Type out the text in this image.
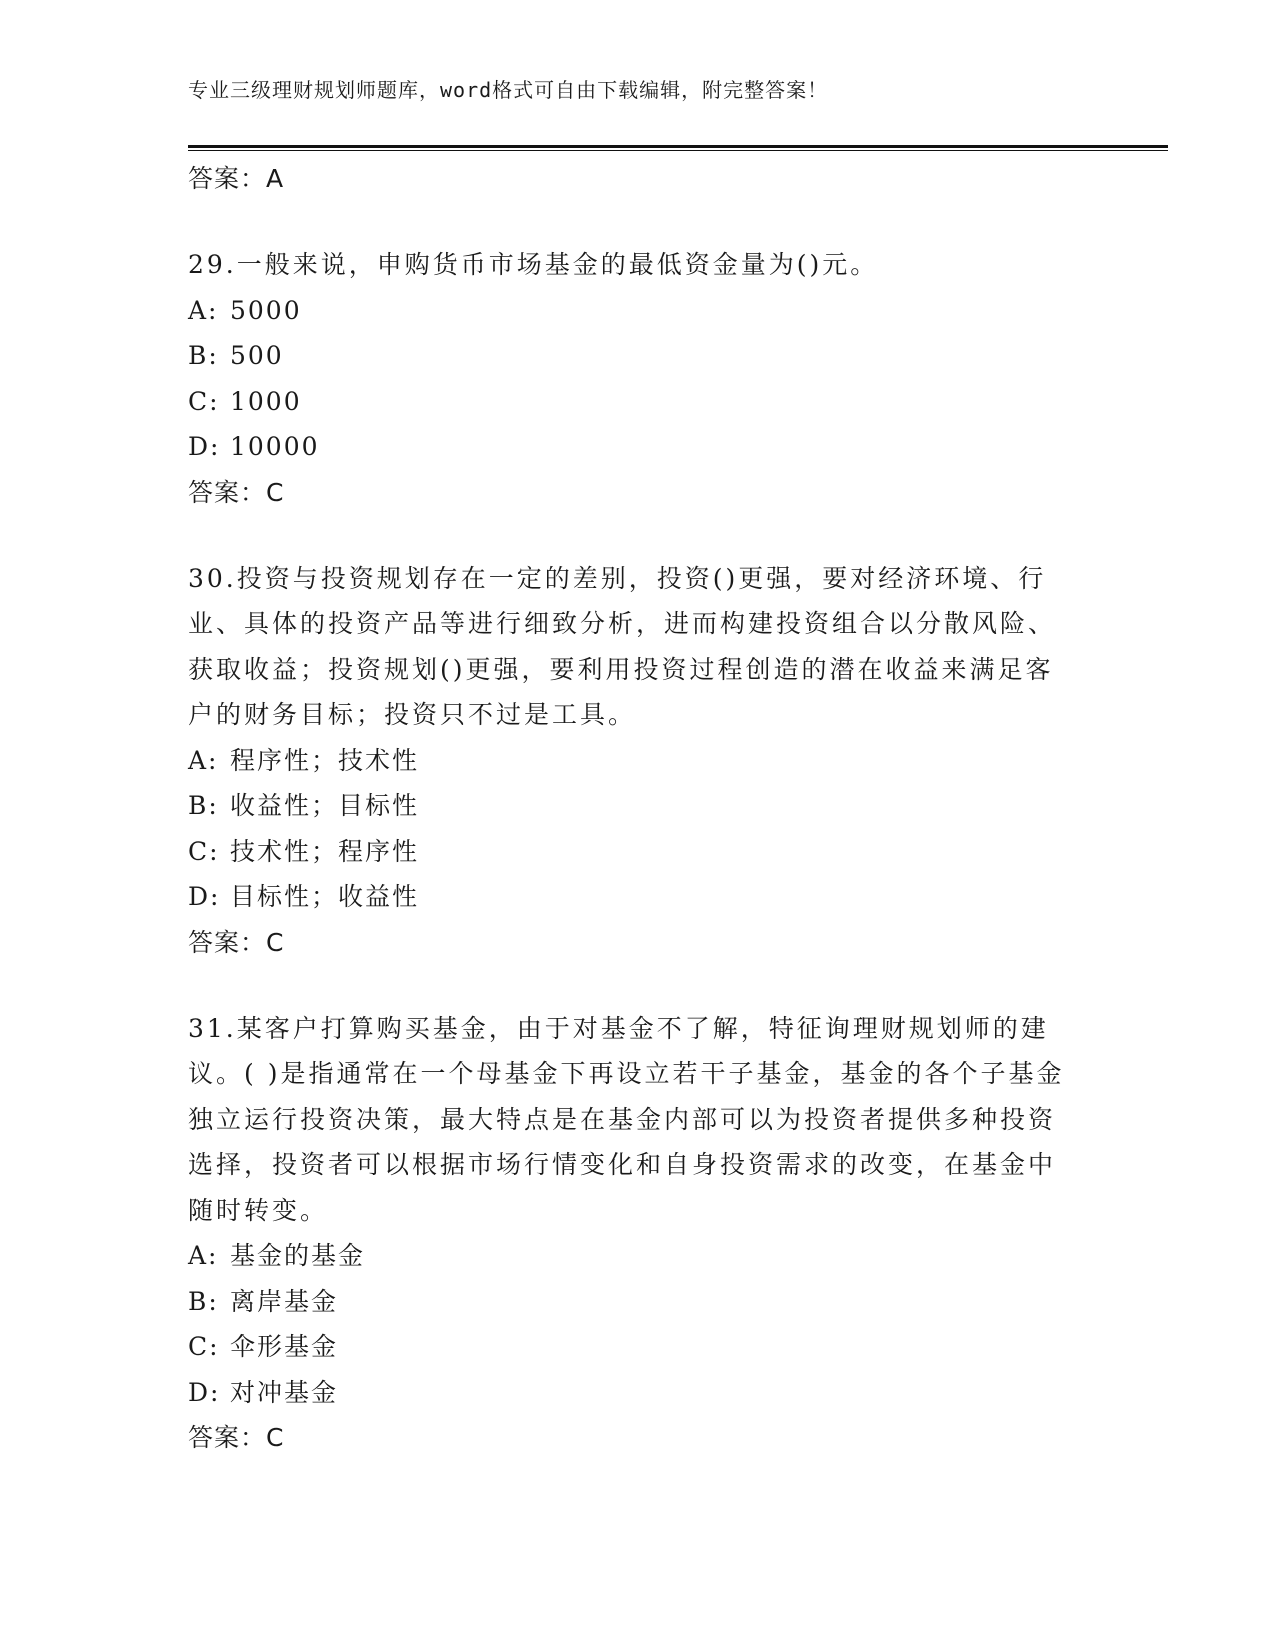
专业三级理财规划师题库，word格式可自由下载编辑，附完整答案！
答案：A

29.一般来说，申购货币市场基金的最低资金量为()元。

A: 5000
B: 500
C: 1000
D: 10000
答案：C

30.投资与投资规划存在一定的差别，投资()更强，要对经济环境、行业、具体的投资产品等进行细致分析，进而构建投资组合以分散风险、获取收益；投资规划()更强，要利用投资过程创造的潜在收益来满足客户的财务目标；投资只不过是工具。

A: 程序性；技术性
B: 收益性；目标性
C: 技术性；程序性
D: 目标性；收益性
答案：C

31.某客户打算购买基金，由于对基金不了解，特征询理财规划师的建议。( )是指通常在一个母基金下再设立若干子基金，基金的各个子基金独立运行投资决策，最大特点是在基金内部可以为投资者提供多种投资选择，投资者可以根据市场行情变化和自身投资需求的改变，在基金中随时转变。

A: 基金的基金
B: 离岸基金
C: 伞形基金
D: 对冲基金
答案：C
